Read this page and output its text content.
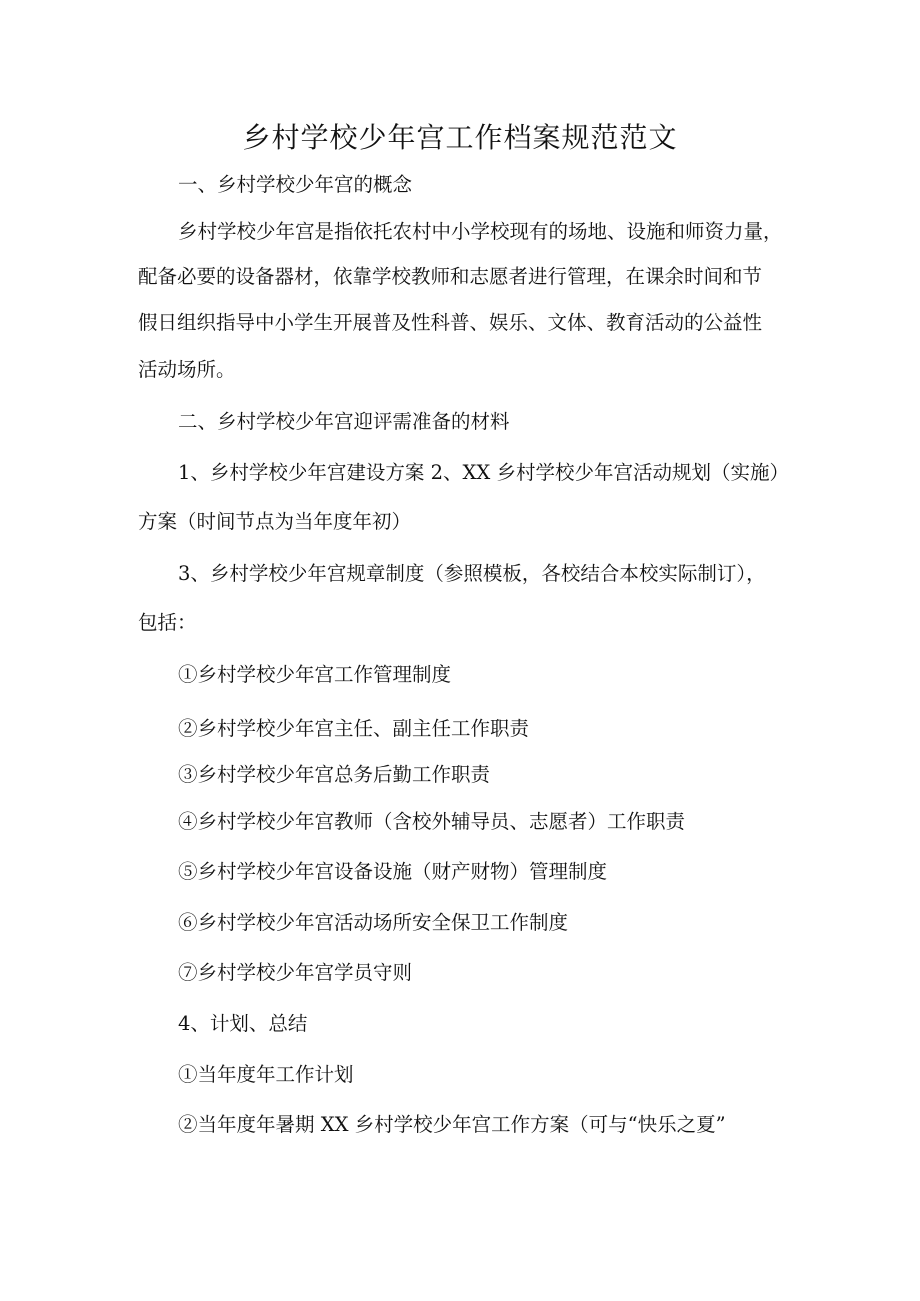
乡村学校少年宫工作档案规范范文
一、乡村学校少年宫的概念
乡村学校少年宫是指依托农村中小学校现有的场地、设施和师资力量，
配备必要的设备器材，依靠学校教师和志愿者进行管理，在课余时间和节
假日组织指导中小学生开展普及性科普、娱乐、文体、教育活动的公益性
活动场所。
二、乡村学校少年宫迎评需准备的材料
1、乡村学校少年宫建设方案 2、XX 乡村学校少年宫活动规划（实施）
方案（时间节点为当年度年初）
3、乡村学校少年宫规章制度（参照模板，各校结合本校实际制订），
包括：
①乡村学校少年宫工作管理制度
②乡村学校少年宫主任、副主任工作职责
③乡村学校少年宫总务后勤工作职责
④乡村学校少年宫教师（含校外辅导员、志愿者）工作职责
⑤乡村学校少年宫设备设施（财产财物）管理制度
⑥乡村学校少年宫活动场所安全保卫工作制度
⑦乡村学校少年宫学员守则
4、计划、总结
①当年度年工作计划
②当年度年暑期 XX 乡村学校少年宫工作方案（可与“快乐之夏”
